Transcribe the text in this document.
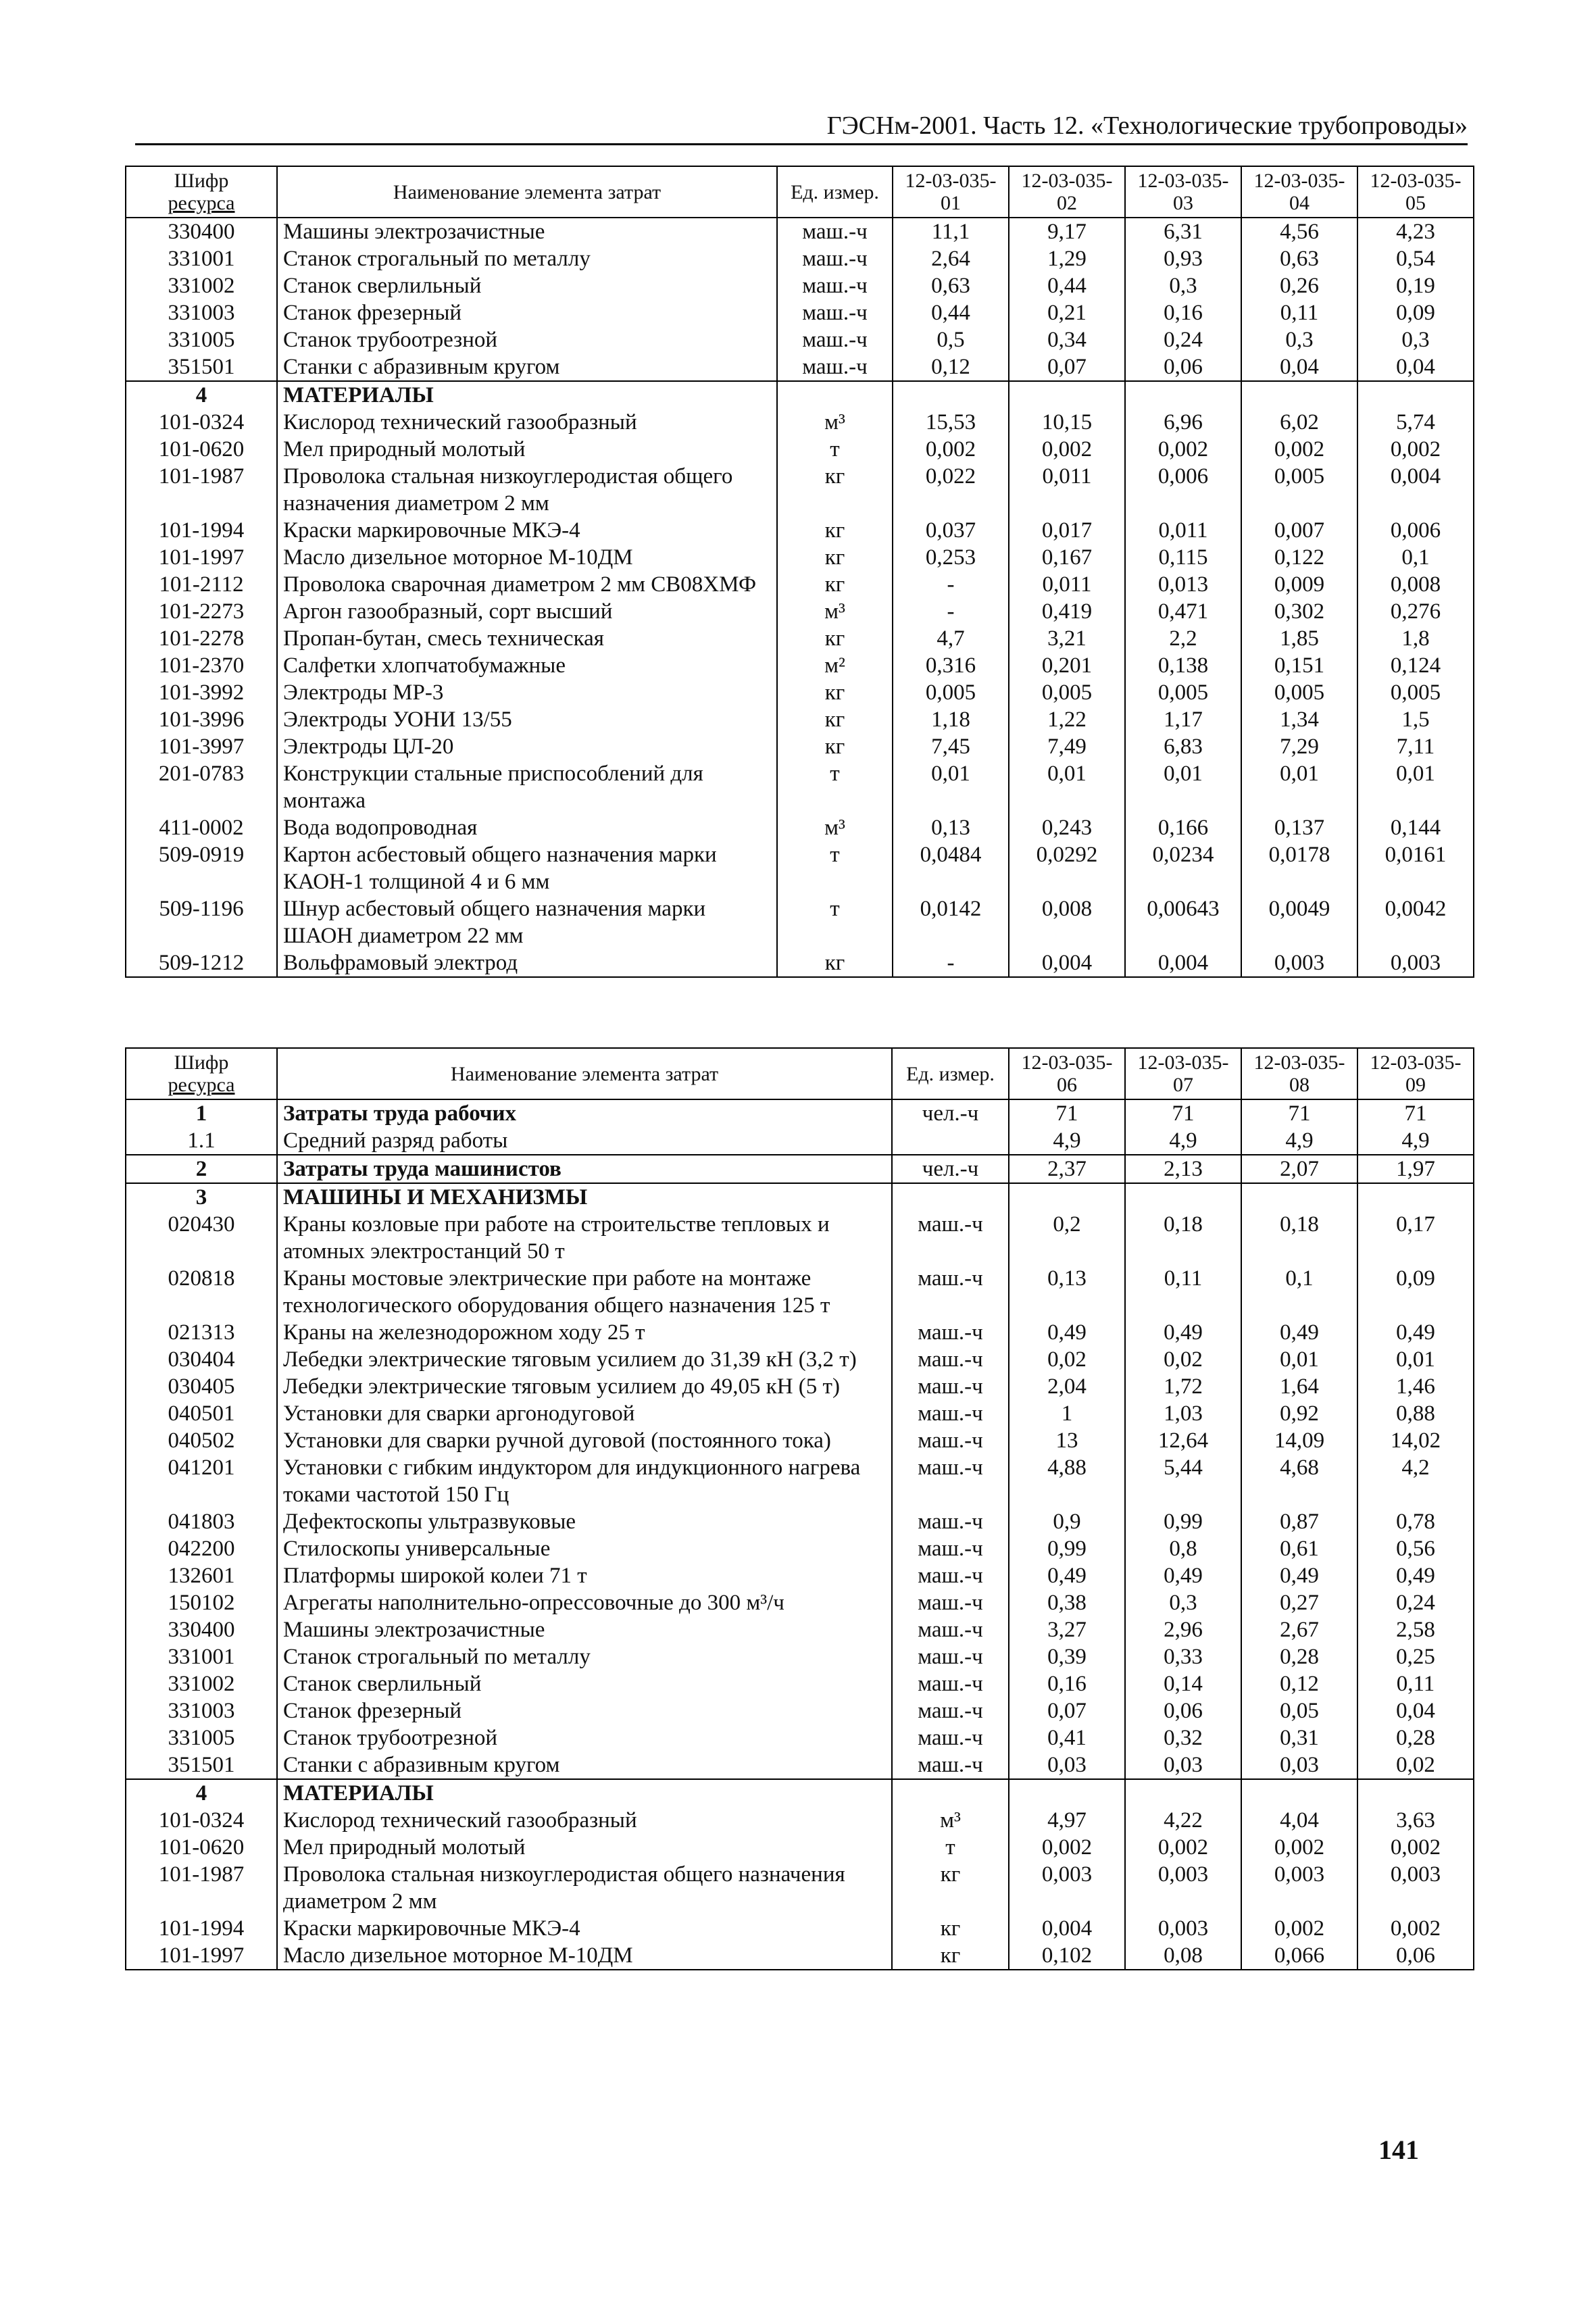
ГЭСНм-2001. Часть 12. «Технологические трубопроводы»
Шифр
ресурса	Наименование элемента затрат	Ед. измер.	12-03-035-01	12-03-035-02	12-03-035-03	12-03-035-04	12-03-035-05
330400	Машины электрозачистные	маш.-ч	11,1	9,17	6,31	4,56	4,23
331001	Станок строгальный по металлу	маш.-ч	2,64	1,29	0,93	0,63	0,54
331002	Станок сверлильный	маш.-ч	0,63	0,44	0,3	0,26	0,19
331003	Станок фрезерный	маш.-ч	0,44	0,21	0,16	0,11	0,09
331005	Станок трубоотрезной	маш.-ч	0,5	0,34	0,24	0,3	0,3
351501	Станки с абразивным кругом	маш.-ч	0,12	0,07	0,06	0,04	0,04
4	МАТЕРИАЛЫ						
101-0324	Кислород технический газообразный	м³	15,53	10,15	6,96	6,02	5,74
101-0620	Мел природный молотый	т	0,002	0,002	0,002	0,002	0,002
101-1987	Проволока стальная низкоуглеродистая общего назначения диаметром 2 мм	кг	0,022	0,011	0,006	0,005	0,004
101-1994	Краски маркировочные МКЭ-4	кг	0,037	0,017	0,011	0,007	0,006
101-1997	Масло дизельное моторное М-10ДМ	кг	0,253	0,167	0,115	0,122	0,1
101-2112	Проволока сварочная диаметром 2 мм СВ08ХМФ	кг	-	0,011	0,013	0,009	0,008
101-2273	Аргон газообразный, сорт высший	м³	-	0,419	0,471	0,302	0,276
101-2278	Пропан-бутан, смесь техническая	кг	4,7	3,21	2,2	1,85	1,8
101-2370	Салфетки хлопчатобумажные	м²	0,316	0,201	0,138	0,151	0,124
101-3992	Электроды МР-3	кг	0,005	0,005	0,005	0,005	0,005
101-3996	Электроды УОНИ 13/55	кг	1,18	1,22	1,17	1,34	1,5
101-3997	Электроды ЦЛ-20	кг	7,45	7,49	6,83	7,29	7,11
201-0783	Конструкции стальные приспособлений для монтажа	т	0,01	0,01	0,01	0,01	0,01
411-0002	Вода водопроводная	м³	0,13	0,243	0,166	0,137	0,144
509-0919	Картон асбестовый общего назначения марки КАОН-1 толщиной 4 и 6 мм	т	0,0484	0,0292	0,0234	0,0178	0,0161
509-1196	Шнур асбестовый общего назначения марки ШАОН диаметром 22 мм	т	0,0142	0,008	0,00643	0,0049	0,0042
509-1212	Вольфрамовый электрод	кг	-	0,004	0,004	0,003	0,003
Шифр
ресурса	Наименование элемента затрат	Ед. измер.	12-03-035-06	12-03-035-07	12-03-035-08	12-03-035-09
1	Затраты труда рабочих	чел.-ч	71	71	71	71
1.1	Средний разряд работы		4,9	4,9	4,9	4,9
2	Затраты труда машинистов	чел.-ч	2,37	2,13	2,07	1,97
3	МАШИНЫ И МЕХАНИЗМЫ					
020430	Краны козловые при работе на строительстве тепловых и атомных электростанций 50 т	маш.-ч	0,2	0,18	0,18	0,17
020818	Краны мостовые электрические при работе на монтаже технологического оборудования общего назначения 125 т	маш.-ч	0,13	0,11	0,1	0,09
021313	Краны на железнодорожном ходу 25 т	маш.-ч	0,49	0,49	0,49	0,49
030404	Лебедки электрические тяговым усилием до 31,39 кН (3,2 т)	маш.-ч	0,02	0,02	0,01	0,01
030405	Лебедки электрические тяговым усилием до 49,05 кН (5 т)	маш.-ч	2,04	1,72	1,64	1,46
040501	Установки для сварки аргонодуговой	маш.-ч	1	1,03	0,92	0,88
040502	Установки для сварки ручной дуговой (постоянного тока)	маш.-ч	13	12,64	14,09	14,02
041201	Установки с гибким индуктором для индукционного нагрева токами частотой 150 Гц	маш.-ч	4,88	5,44	4,68	4,2
041803	Дефектоскопы ультразвуковые	маш.-ч	0,9	0,99	0,87	0,78
042200	Стилоскопы универсальные	маш.-ч	0,99	0,8	0,61	0,56
132601	Платформы широкой колеи 71 т	маш.-ч	0,49	0,49	0,49	0,49
150102	Агрегаты наполнительно-опрессовочные до 300 м³/ч	маш.-ч	0,38	0,3	0,27	0,24
330400	Машины электрозачистные	маш.-ч	3,27	2,96	2,67	2,58
331001	Станок строгальный по металлу	маш.-ч	0,39	0,33	0,28	0,25
331002	Станок сверлильный	маш.-ч	0,16	0,14	0,12	0,11
331003	Станок фрезерный	маш.-ч	0,07	0,06	0,05	0,04
331005	Станок трубоотрезной	маш.-ч	0,41	0,32	0,31	0,28
351501	Станки с абразивным кругом	маш.-ч	0,03	0,03	0,03	0,02
4	МАТЕРИАЛЫ					
101-0324	Кислород технический газообразный	м³	4,97	4,22	4,04	3,63
101-0620	Мел природный молотый	т	0,002	0,002	0,002	0,002
101-1987	Проволока стальная низкоуглеродистая общего назначения диаметром 2 мм	кг	0,003	0,003	0,003	0,003
101-1994	Краски маркировочные МКЭ-4	кг	0,004	0,003	0,002	0,002
101-1997	Масло дизельное моторное М-10ДМ	кг	0,102	0,08	0,066	0,06
141
